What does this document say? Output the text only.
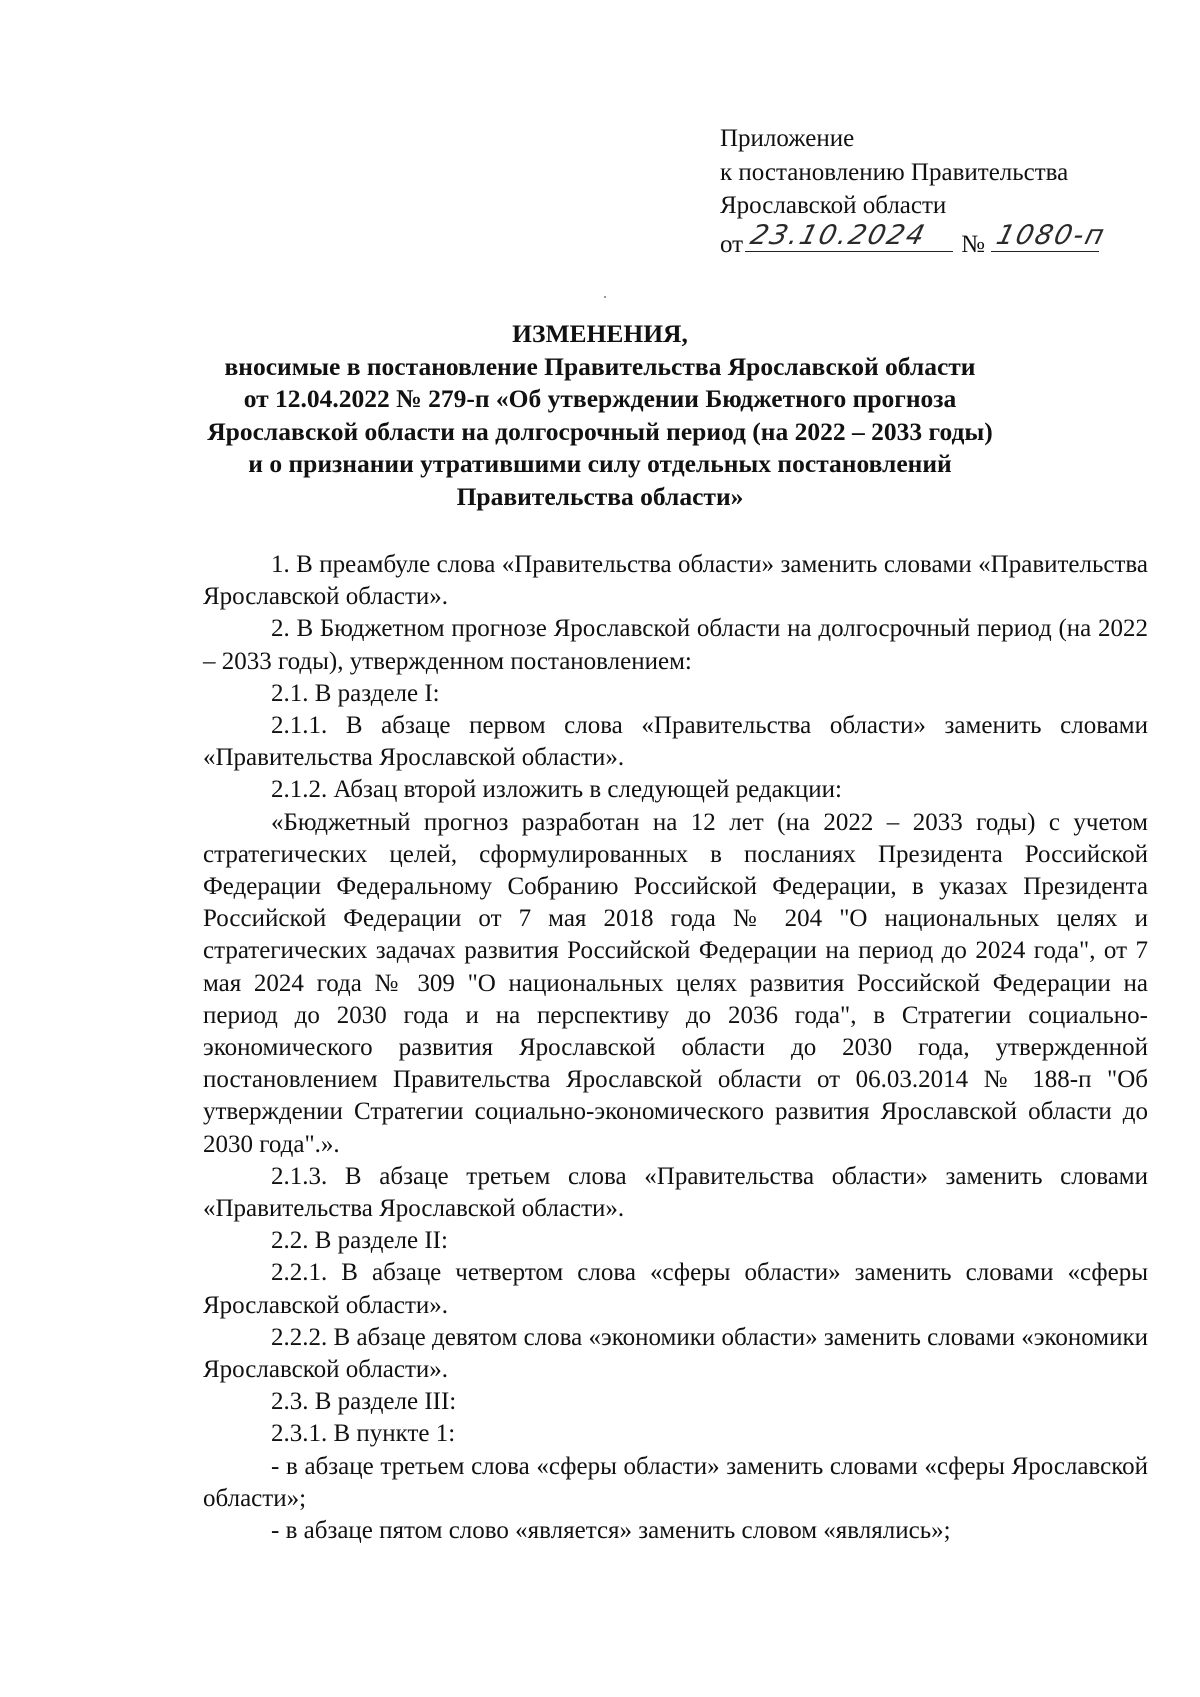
Приложение
к постановлению Правительства
Ярославской области
от 23.10.2024 № 1080-п
ИЗМЕНЕНИЯ,
вносимые в постановление Правительства Ярославской области
от 12.04.2022 № 279-п «Об утверждении Бюджетного прогноза
Ярославской области на долгосрочный период (на 2022 – 2033 годы)
и о признании утратившими силу отдельных постановлений
Правительства области»

1. В преамбуле слова «Правительства области» заменить словами «Правительства Ярославской области».

2. В Бюджетном прогнозе Ярославской области на долгосрочный период (на 2022 – 2033 годы), утвержденном постановлением:

2.1. В разделе I:

2.1.1. В абзаце первом слова «Правительства области» заменить словами «Правительства Ярославской области».

2.1.2. Абзац второй изложить в следующей редакции:

«Бюджетный прогноз разработан на 12 лет (на 2022 – 2033 годы) с учетом стратегических целей, сформулированных в посланиях Президента Российской Федерации Федеральному Собранию Российской Федерации, в указах Президента Российской Федерации от 7 мая 2018 года № 204 "О национальных целях и стратегических задачах развития Российской Федерации на период до 2024 года", от 7 мая 2024 года № 309 "О национальных целях развития Российской Федерации на период до 2030 года и на перспективу до 2036 года", в Стратегии социально-экономического развития Ярославской области до 2030 года, утвержденной постановлением Правительства Ярославской области от 06.03.2014 № 188-п "Об утверждении Стратегии социально-экономического развития Ярославской области до 2030 года".».

2.1.3. В абзаце третьем слова «Правительства области» заменить словами «Правительства Ярославской области».

2.2. В разделе II:

2.2.1. В абзаце четвертом слова «сферы области» заменить словами «сферы Ярославской области».

2.2.2. В абзаце девятом слова «экономики области» заменить словами «экономики Ярославской области».

2.3. В разделе III:

2.3.1. В пункте 1:

- в абзаце третьем слова «сферы области» заменить словами «сферы Ярославской области»;

- в абзаце пятом слово «является» заменить словом «являлись»;
